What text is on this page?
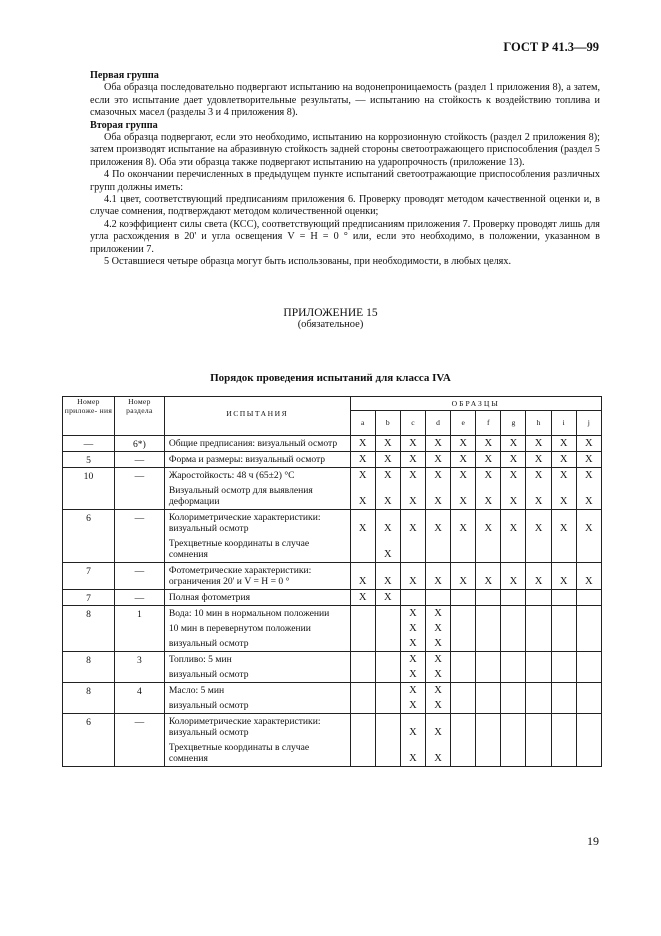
ГОСТ Р 41.3—99

Первая группа

Оба образца последовательно подвергают испытанию на водонепроницаемость (раздел 1 приложения 8), а затем, если это испытание дает удовлетворительные результаты, — испытанию на стойкость к воздействию топлива и смазочных масел (разделы 3 и 4 приложения 8).

Вторая группа

Оба образца подвергают, если это необходимо, испытанию на коррозионную стойкость (раздел 2 приложения 8); затем производят испытание на абразивную стойкость задней стороны светоотражающего приспособления (раздел 5 приложения 8). Оба эти образца также подвергают испытанию на ударопрочность (приложение 13).

4 По окончании перечисленных в предыдущем пункте испытаний светоотражающие приспособления различных групп должны иметь:

4.1 цвет, соответствующий предписаниям приложения 6. Проверку проводят методом качественной оценки и, в случае сомнения, подтверждают методом количественной оценки;

4.2 коэффициент силы света (КСС), соответствующий предписаниям приложения 7. Проверку проводят лишь для угла расхождения в 20' и угла освещения V = H = 0 ° или, если это необходимо, в положении, указанном в приложении 7.

5 Оставшиеся четыре образца могут быть использованы, при необходимости, в любых целях.

ПРИЛОЖЕНИЕ 15
(обязательное)
Порядок проведения испытаний для класса IVA
Номер приложе- ния	Номер раздела	ИСПЫТАНИЯ	ОБРАЗЦЫ									
			a	b	c	d	e	f	g	h	i	j
—	6*)	Общие предписания: визуальный осмотр	X	X	X	X	X	X	X	X	X	X
5	—	Форма и размеры: визуальный осмотр	X	X	X	X	X	X	X	X	X	X
10	—	Жаростойкость: 48 ч (65±2) °С	X	X	X	X	X	X	X	X	X	X
		Визуальный осмотр для выявления деформации	X	X	X	X	X	X	X	X	X	X
6	—	Колориметрические характеристики: визуальный осмотр	X	X	X	X	X	X	X	X	X	X
		Трехцветные координаты в случае сомнения		X								
7	—	Фотометрические характеристики: ограничения 20' и V = H = 0 °	X	X	X	X	X	X	X	X	X	X
7	—	Полная фотометрия	X	X								
8	1	Вода: 10 мин в нормальном положении			X	X						
		10 мин в перевернутом положении			X	X						
		визуальный осмотр			X	X						
8	3	Топливо: 5 мин			X	X						
		визуальный осмотр			X	X						
8	4	Масло: 5 мин			X	X						
		визуальный осмотр			X	X						
6	—	Колориметрические характеристики: визуальный осмотр			X	X						
		Трехцветные координаты в случае сомнения			X	X						
19
